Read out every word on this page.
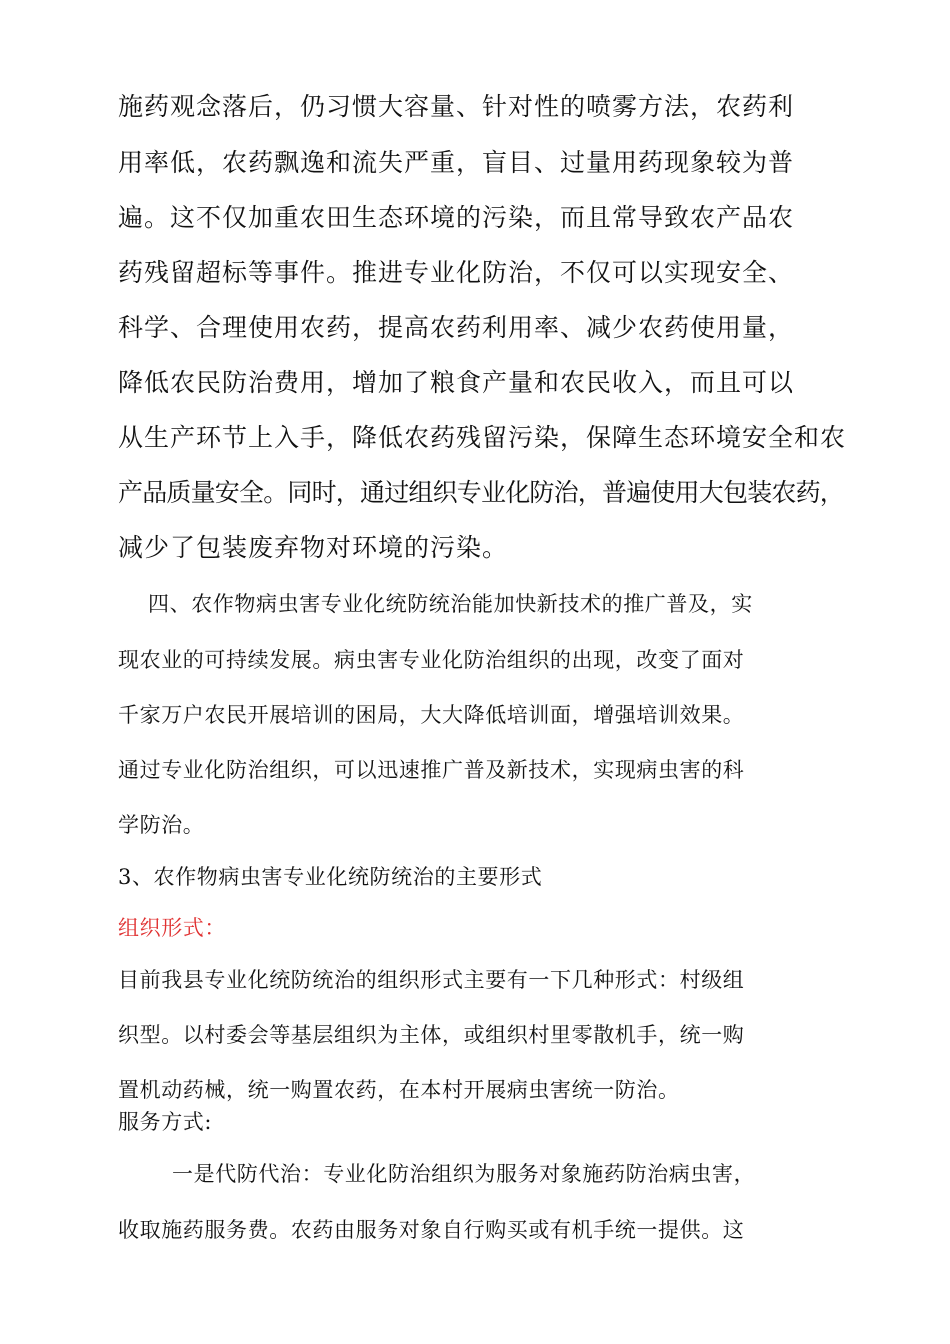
施药观念落后，仍习惯大容量、针对性的喷雾方法，农药利
用率低，农药飘逸和流失严重，盲目、过量用药现象较为普
遍。这不仅加重农田生态环境的污染，而且常导致农产品农
药残留超标等事件。推进专业化防治，不仅可以实现安全、
科学、合理使用农药，提高农药利用率、减少农药使用量，
降低农民防治费用，增加了粮食产量和农民收入，而且可以
从生产环节上入手，降低农药残留污染，保障生态环境安全和农
产品质量安全。同时，通过组织专业化防治，普遍使用大包装农药，
减少了包装废弃物对环境的污染。
四、农作物病虫害专业化统防统治能加快新技术的推广普及，实
现农业的可持续发展。病虫害专业化防治组织的出现，改变了面对
千家万户农民开展培训的困局，大大降低培训面，增强培训效果。
通过专业化防治组织，可以迅速推广普及新技术，实现病虫害的科
学防治。
3、农作物病虫害专业化统防统治的主要形式
组织形式：
目前我县专业化统防统治的组织形式主要有一下几种形式：村级组
织型。以村委会等基层组织为主体，或组织村里零散机手，统一购
置机动药械，统一购置农药，在本村开展病虫害统一防治。
服务方式:
一是代防代治：专业化防治组织为服务对象施药防治病虫害，
收取施药服务费。农药由服务对象自行购买或有机手统一提供。这
